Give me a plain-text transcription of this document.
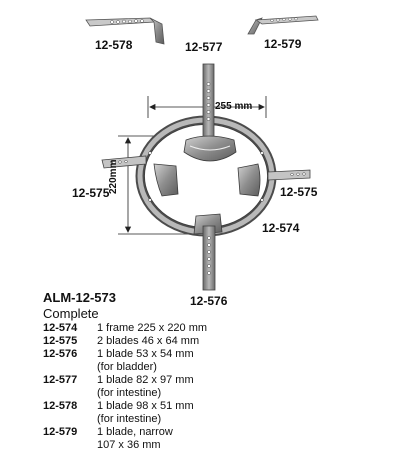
12-578	12-577	12-579
255 mm
220mm
12-575	12-575
12-574
12-576
ALM-12-573
Complete
12-574 1 frame 225 x 220 mm
12-575 2 blades 46 x 64 mm
12-576 1 blade 53 x 54 mm
(for bladder)
12-577 1 blade 82 x 97 mm
(for intestine)
12-578 1 blade 98 x 51 mm
(for intestine)
12-579 1 blade, narrow
107 x 36 mm
